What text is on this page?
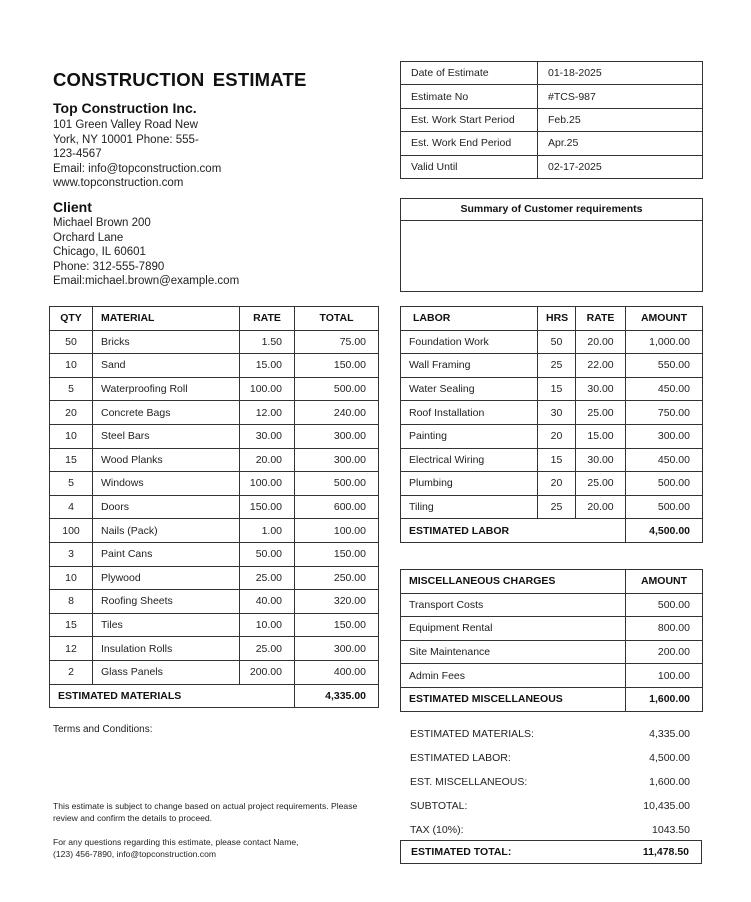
CONSTRUCTION ESTIMATE
Top Construction Inc.
101 Green Valley Road New
York, NY 10001 Phone: 555-
123-4567
Email: info@topconstruction.com
www.topconstruction.com
Client
Michael Brown 200
Orchard Lane
Chicago, IL 60601
Phone: 312-555-7890
Email:michael.brown@example.com
Date of Estimate	01-18-2025
Estimate No	#TCS-987
Est. Work Start Period	Feb.25
Est. Work End Period	Apr.25
Valid Until	02-17-2025
Summary of Customer requirements
QTY	MATERIAL	RATE	TOTAL
50	Bricks	1.50	75.00
10	Sand	15.00	150.00
5	Waterproofing Roll	100.00	500.00
20	Concrete Bags	12.00	240.00
10	Steel Bars	30.00	300.00
15	Wood Planks	20.00	300.00
5	Windows	100.00	500.00
4	Doors	150.00	600.00
100	Nails (Pack)	1.00	100.00
3	Paint Cans	50.00	150.00
10	Plywood	25.00	250.00
8	Roofing Sheets	40.00	320.00
15	Tiles	10.00	150.00
12	Insulation Rolls	25.00	300.00
2	Glass Panels	200.00	400.00
ESTIMATED MATERIALS			4,335.00
LABOR	HRS	RATE	AMOUNT
Foundation Work	50	20.00	1,000.00
Wall Framing	25	22.00	550.00
Water Sealing	15	30.00	450.00
Roof Installation	30	25.00	750.00
Painting	20	15.00	300.00
Electrical Wiring	15	30.00	450.00
Plumbing	20	25.00	500.00
Tiling	25	20.00	500.00
ESTIMATED LABOR			4,500.00
MISCELLANEOUS CHARGES	AMOUNT
Transport Costs	500.00
Equipment Rental	800.00
Site Maintenance	200.00
Admin Fees	100.00
ESTIMATED MISCELLANEOUS	1,600.00
ESTIMATED MATERIALS:	4,335.00
ESTIMATED LABOR:	4,500.00
EST. MISCELLANEOUS:	1,600.00
SUBTOTAL:	10,435.00
TAX (10%):	1043.50
ESTIMATED TOTAL:	11,478.50
Terms and Conditions:
This estimate is subject to change based on actual project requirements. Please
review and confirm the details to proceed.
For any questions regarding this estimate, please contact Name,
(123) 456-7890, info@topconstruction.com
